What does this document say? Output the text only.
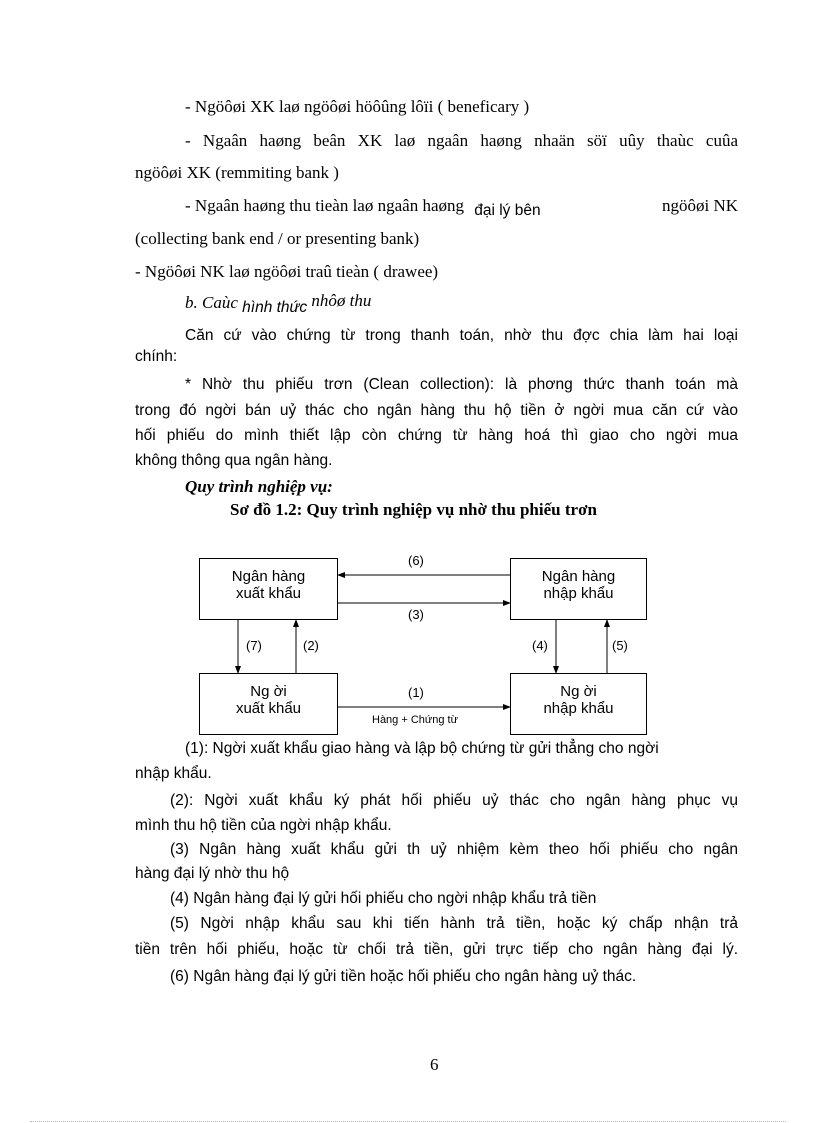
- Ngöôøi XK laø ngöôøi höôûng lôïi ( beneficary )
- Ngaân haøng beân XK laø ngaân haøng nhaän söï uûy thaùc cuûa
ngöôøi XK (remmiting bank )
- Ngaân haøng thu tieàn laø ngaân haøng đại lý bên	ngöôøi NK
(collecting bank end / or presenting bank)
- Ngöôøi NK laø ngöôøi traû tieàn ( drawee)
b. Caùc hình thức nhôø thu
Căn cứ vào chứng từ trong thanh toán, nhờ thu đợc chia làm hai loại
chính:
* Nhờ thu phiếu trơn (Clean collection): là phơng thức thanh toán mà
trong đó ngời bán uỷ thác cho ngân hàng thu hộ tiền ở ngời mua căn cứ vào
hối phiếu do mình thiết lập còn chứng từ hàng hoá thì giao cho ngời mua
không thông qua ngân hàng.
Quy trình nghiệp vụ:
Sơ đồ 1.2: Quy trình nghiệp vụ nhờ thu phiếu trơn
Ngân hàng
xuất khẩu
Ngân hàng
nhập khẩu
Ng ời
xuất khẩu
Ng ời
nhập khẩu
(6)
(3)
(7)	(2)	(4)	(5)
(1)
Hàng + Chứng từ
(1): Ngời xuất khẩu giao hàng và lập bộ chứng từ gửi thẳng cho ngời
nhập khẩu.
(2): Ngời xuất khẩu ký phát hối phiếu uỷ thác cho ngân hàng phục vụ
mình thu hộ tiền của ngời nhập khẩu.
(3) Ngân hàng xuất khẩu gửi th uỷ nhiệm kèm theo hối phiếu cho ngân
hàng đại lý nhờ thu hộ
(4) Ngân hàng đại lý gửi hối phiếu cho ngời nhập khẩu trả tiền
(5) Ngời nhập khẩu sau khi tiến hành trả tiền, hoặc ký chấp nhận trả
tiền trên hối phiếu, hoặc từ chối trả tiền, gửi trực tiếp cho ngân hàng đại lý.
(6) Ngân hàng đại lý gửi tiền hoặc hối phiếu cho ngân hàng uỷ thác.
6
